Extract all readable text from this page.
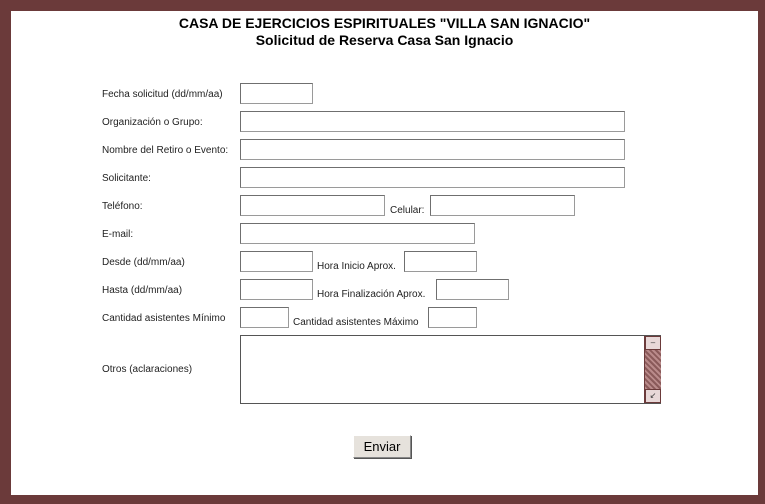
CASA DE EJERCICIOS ESPIRITUALES "VILLA SAN IGNACIO"
Solicitud de Reserva Casa San Ignacio
Fecha solicitud (dd/mm/aa)
Organización o Grupo:
Nombre del Retiro o Evento:
Solicitante:
Teléfono:	Celular:
E-mail:
Desde (dd/mm/aa)	Hora Inicio Aprox.
Hasta (dd/mm/aa)	Hora Finalización Aprox.
Cantidad asistentes Mínimo	Cantidad asistentes Máximo
Otros (aclaraciones)
–
↙
Enviar
